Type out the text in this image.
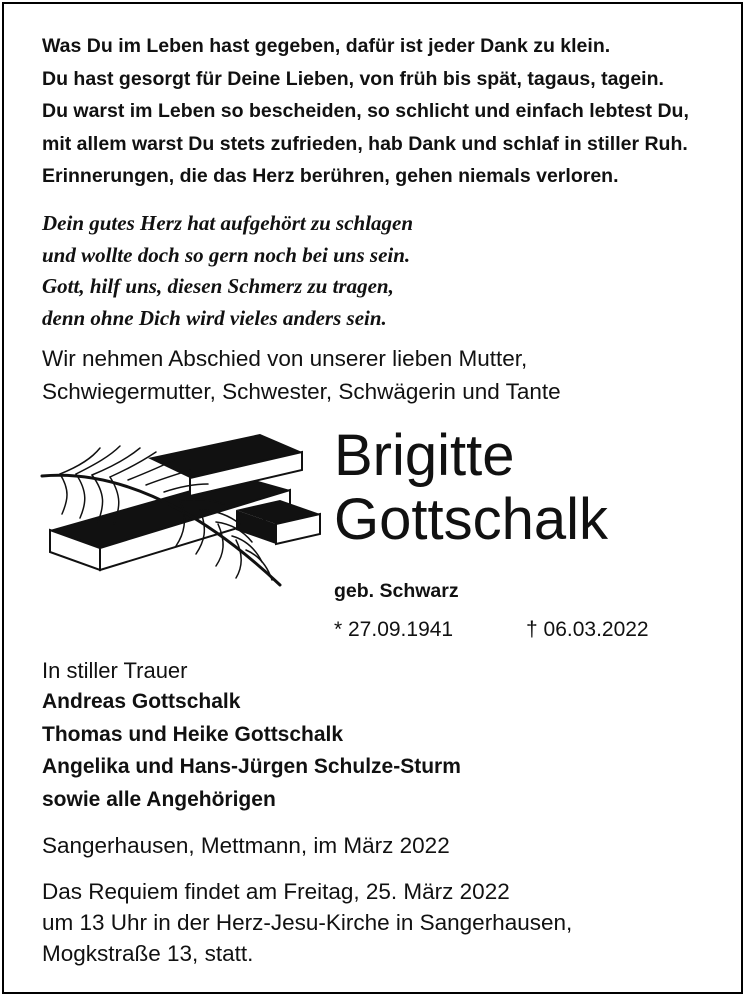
Was Du im Leben hast gegeben, dafür ist jeder Dank zu klein.
Du hast gesorgt für Deine Lieben, von früh bis spät, tagaus, tagein.
Du warst im Leben so bescheiden, so schlicht und einfach lebtest Du,
mit allem warst Du stets zufrieden, hab Dank und schlaf in stiller Ruh.
Erinnerungen, die das Herz berühren, gehen niemals verloren.
Dein gutes Herz hat aufgehört zu schlagen
und wollte doch so gern noch bei uns sein.
Gott, hilf uns, diesen Schmerz zu tragen,
denn ohne Dich wird vieles anders sein.
Wir nehmen Abschied von unserer lieben Mutter,
Schwiegermutter, Schwester, Schwägerin und Tante
Brigitte
Gottschalk
geb. Schwarz
* 27.09.1941	† 06.03.2022
In stiller Trauer
Andreas Gottschalk
Thomas und Heike Gottschalk
Angelika und Hans-Jürgen Schulze-Sturm
sowie alle Angehörigen
Sangerhausen, Mettmann, im März 2022
Das Requiem findet am Freitag, 25. März 2022
um 13 Uhr in der Herz-Jesu-Kirche in Sangerhausen,
Mogkstraße 13, statt.
